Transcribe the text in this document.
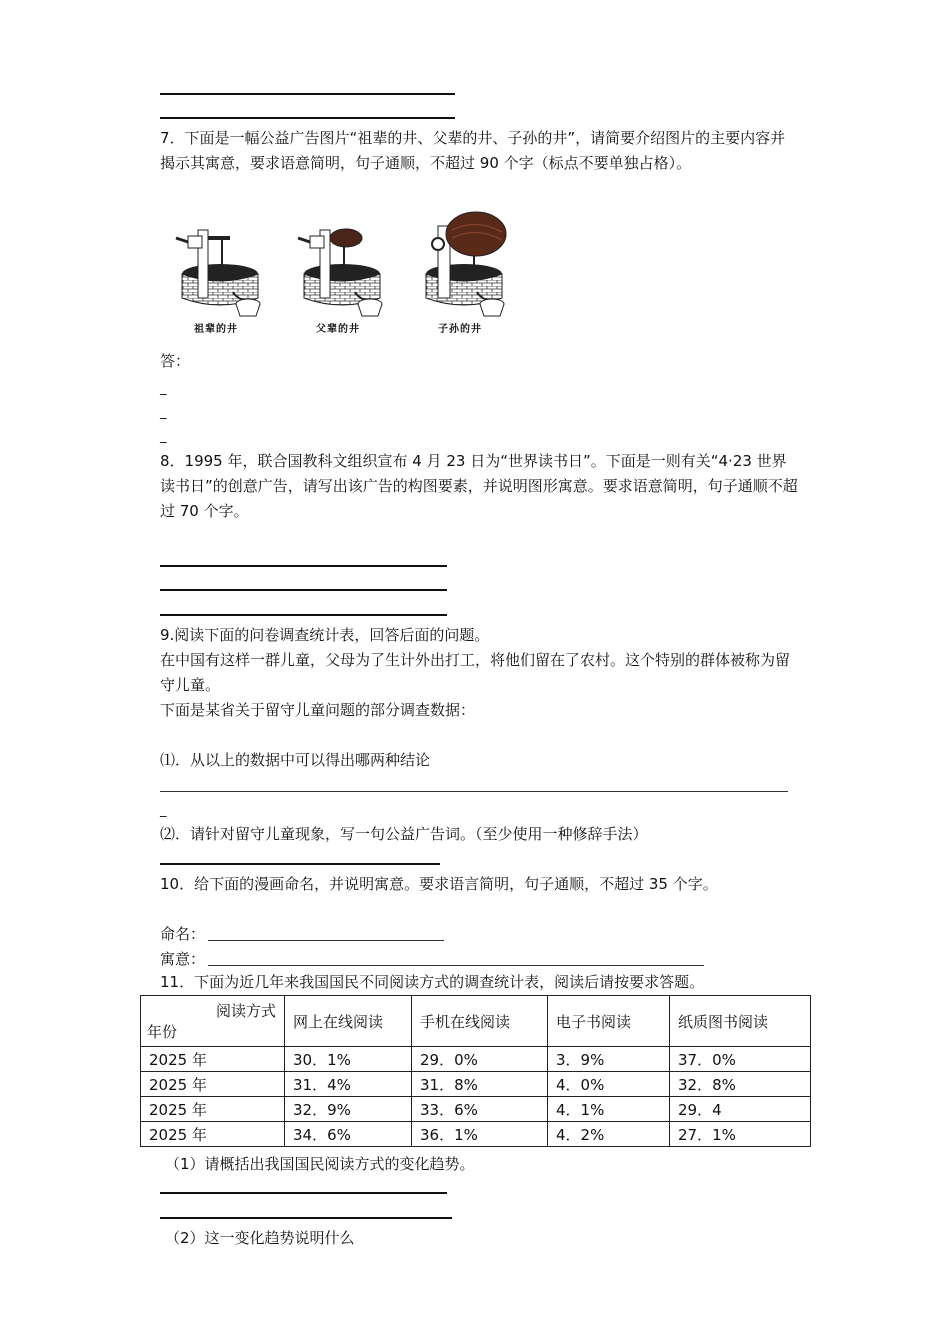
7．下面是一幅公益广告图片“祖辈的井、父辈的井、子孙的井”，请简要介绍图片的主要内容并揭示其寓意，要求语意简明，句子通顺，不超过 90 个字（标点不要单独占格）。
祖辈的井	父辈的井	子孙的井
答：
_
_
_
8．1995 年，联合国教科文组织宣布 4 月 23 日为“世界读书日”。下面是一则有关“4·23 世界读书日”的创意广告，请写出该广告的构图要素，并说明图形寓意。要求语意简明，句子通顺不超过 70 个字。
9.阅读下面的问卷调查统计表，回答后面的问题。
在中国有这样一群儿童，父母为了生计外出打工，将他们留在了农村。这个特别的群体被称为留守儿童。
下面是某省关于留守儿童问题的部分调查数据：
⑴．从以上的数据中可以得出哪两种结论
_
⑵．请针对留守儿童现象，写一句公益广告词。（至少使用一种修辞手法）
10．给下面的漫画命名，并说明寓意。要求语言简明，句子通顺，不超过 35 个字。
命名：
寓意：
11．下面为近几年来我国国民不同阅读方式的调查统计表，阅读后请按要求答题。
阅读方式
年份	网上在线阅读	手机在线阅读	电子书阅读	纸质图书阅读
2025 年	30．1%	29．0%	3．9%	37．0%
2025 年	31．4%	31．8%	4．0%	32．8%
2025 年	32．9%	33．6%	4．1%	29．4
2025 年	34．6%	36．1%	4．2%	27．1%
（1）请概括出我国国民阅读方式的变化趋势。
（2）这一变化趋势说明什么
